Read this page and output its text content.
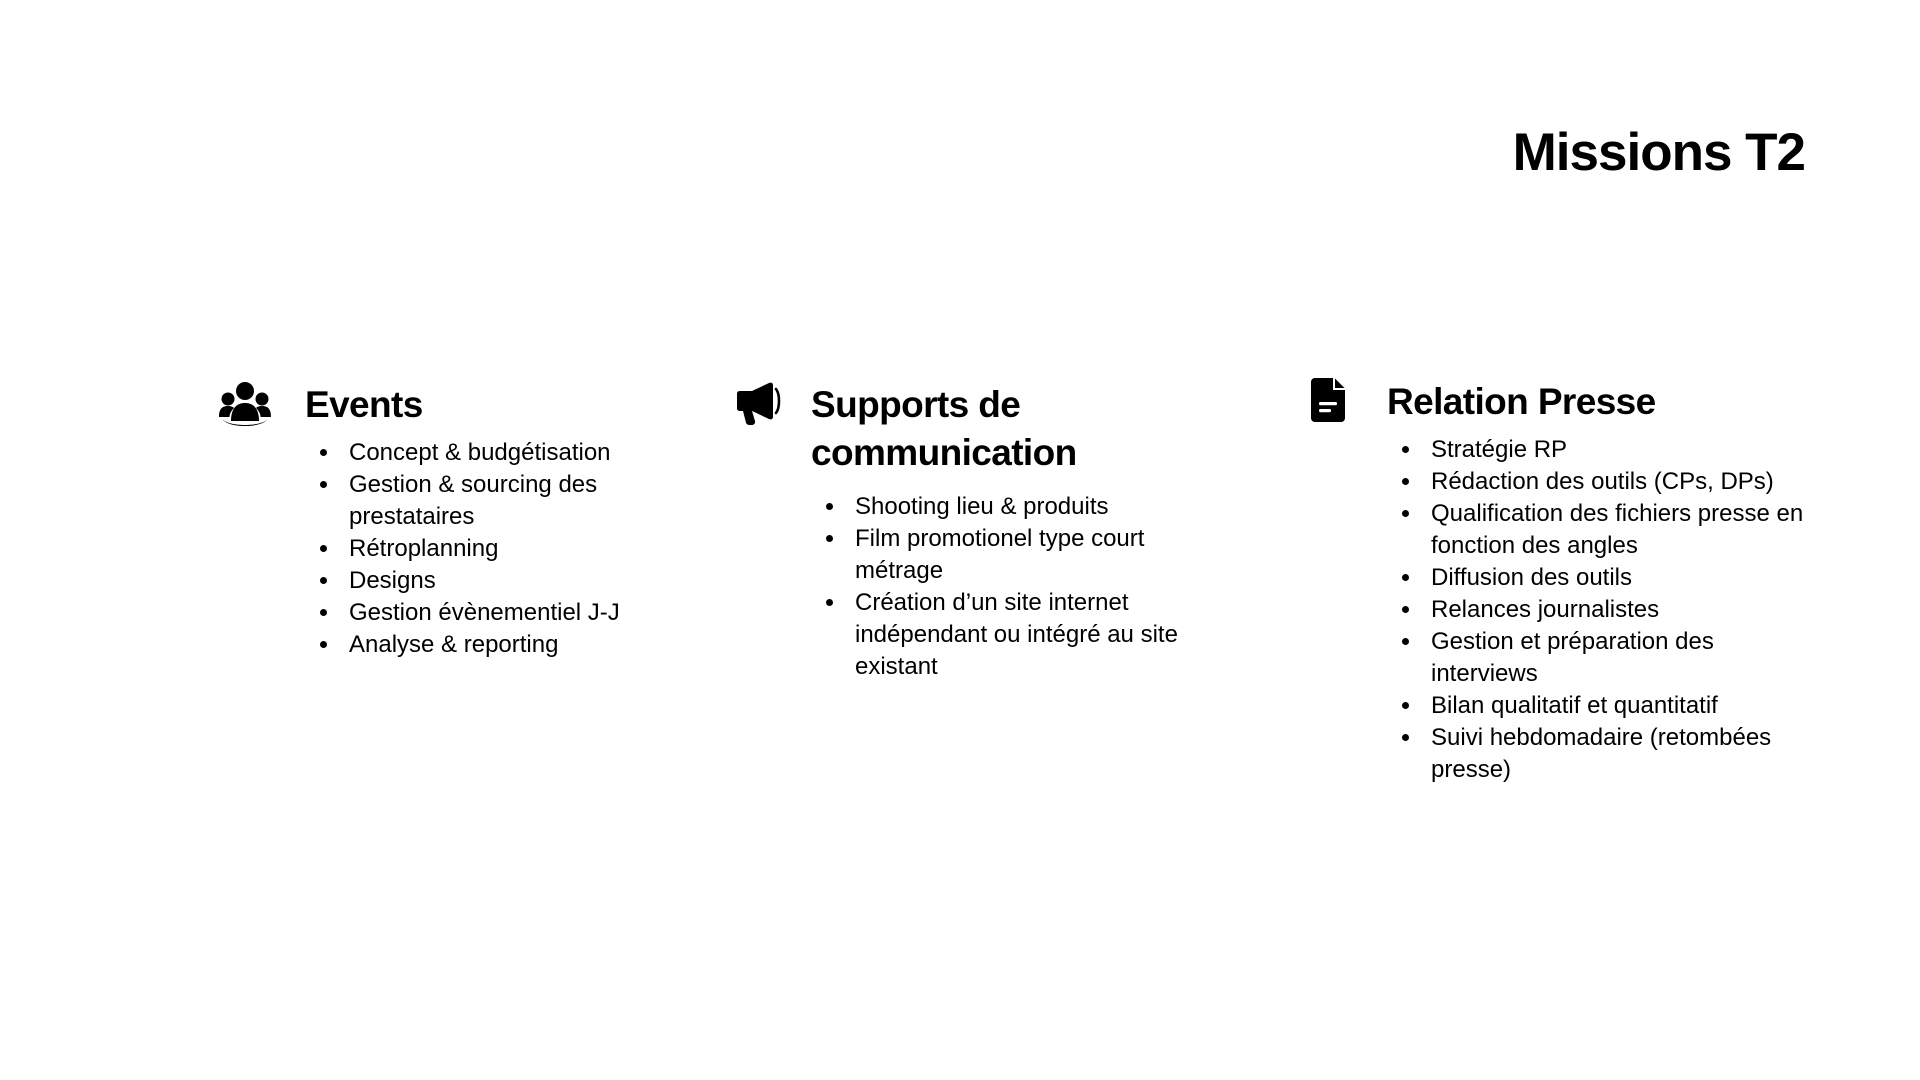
Missions T2
Events
• Concept & budgétisation
• Gestion & sourcing des prestataires
• Rétroplanning
• Designs
• Gestion évènementiel J-J
• Analyse & reporting
Supports de communication
• Shooting lieu & produits
• Film promotionel type court métrage
• Création d’un site internet indépendant ou intégré au site existant
Relation Presse
• Stratégie RP
• Rédaction des outils (CPs, DPs)
• Qualification des fichiers presse en fonction des angles
• Diffusion des outils
• Relances journalistes
• Gestion et préparation des interviews
• Bilan qualitatif et quantitatif
• Suivi hebdomadaire (retombées presse)
